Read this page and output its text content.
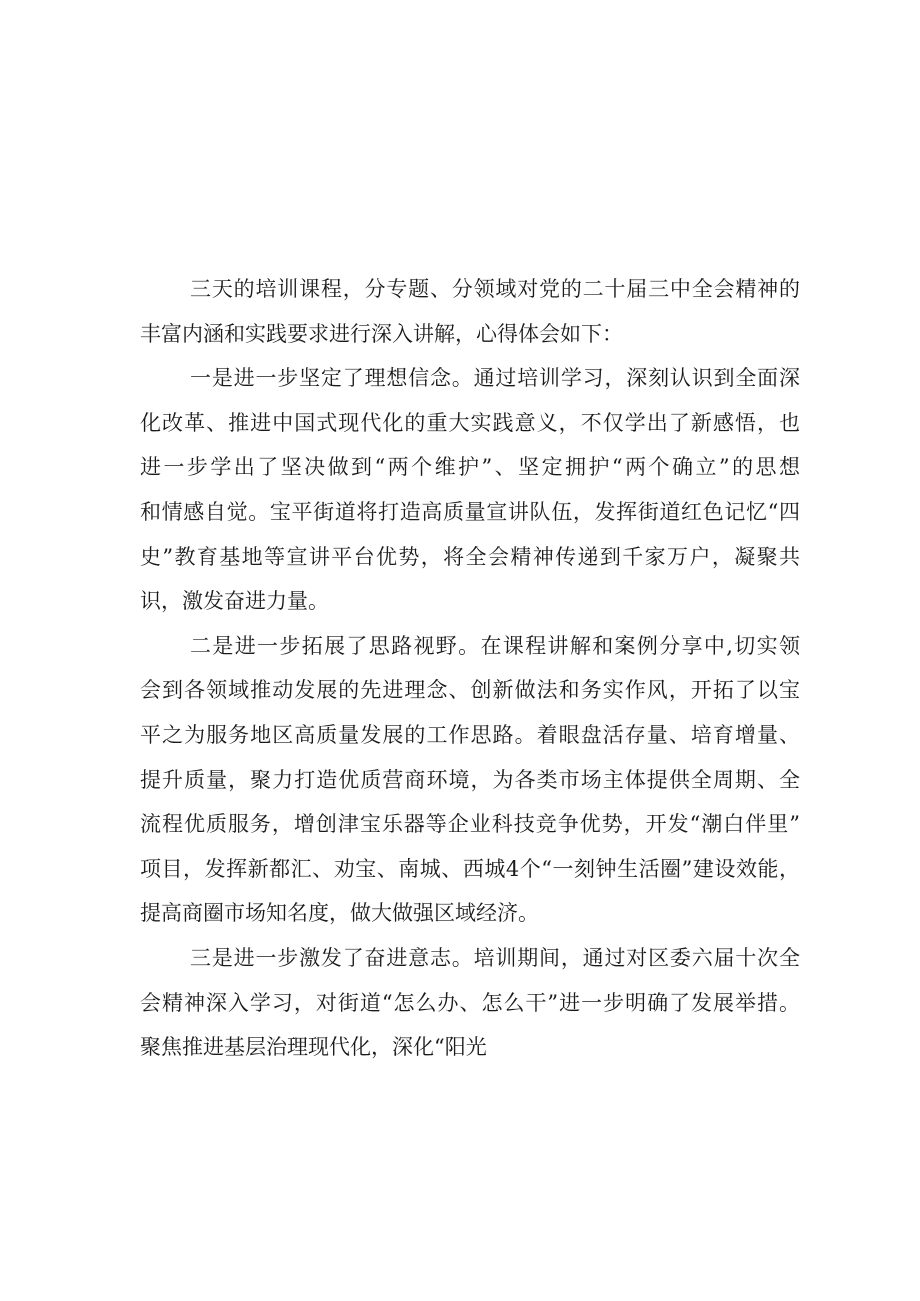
三天的培训课程，分专题、分领域对党的二十届三中全会精神的
丰富内涵和实践要求进行深入讲解，心得体会如下：
一是进一步坚定了理想信念。通过培训学习，深刻认识到全面深
化改革、推进中国式现代化的重大实践意义，不仅学出了新感悟，也
进一步学出了坚决做到“两个维护”、坚定拥护“两个确立”的思想
和情感自觉。宝平街道将打造高质量宣讲队伍，发挥街道红色记忆“四
史”教育基地等宣讲平台优势，将全会精神传递到千家万户，凝聚共
识，激发奋进力量。
二是进一步拓展了思路视野。在课程讲解和案例分享中,切实领
会到各领域推动发展的先进理念、创新做法和务实作风，开拓了以宝
平之为服务地区高质量发展的工作思路。着眼盘活存量、培育增量、
提升质量，聚力打造优质营商环境，为各类市场主体提供全周期、全
流程优质服务，增创津宝乐器等企业科技竞争优势，开发“潮白伴里”
项目，发挥新都汇、劝宝、南城、西城4个“一刻钟生活圈”建设效能，
提高商圈市场知名度，做大做强区域经济。
三是进一步激发了奋进意志。培训期间，通过对区委六届十次全
会精神深入学习，对街道“怎么办、怎么干”进一步明确了发展举措。
聚焦推进基层治理现代化，深化“阳光
